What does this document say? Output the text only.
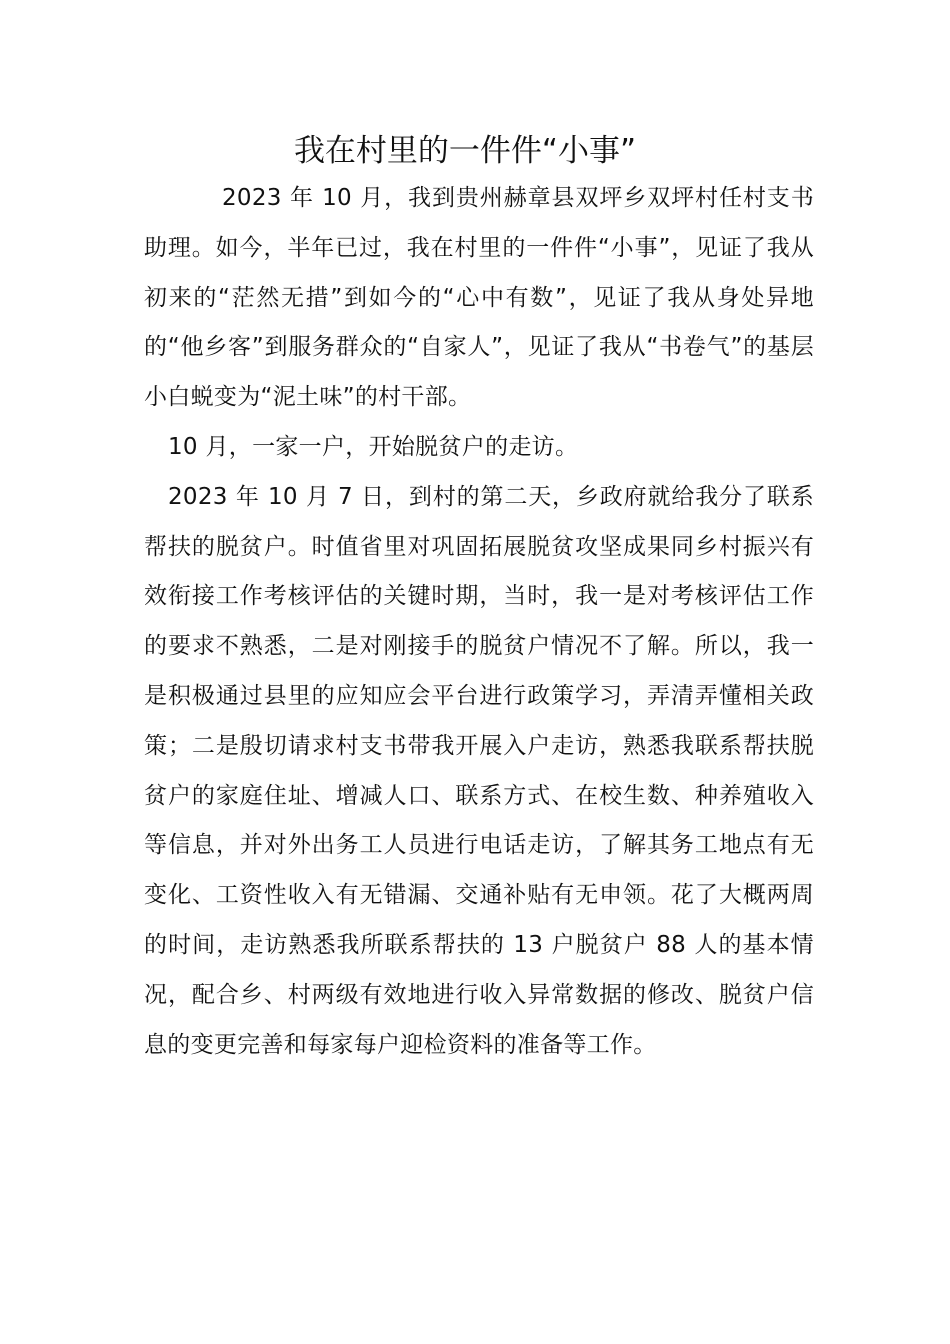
我在村里的一件件“小事”

2023 年 10 月，我到贵州赫章县双坪乡双坪村任村支书助理。如今，半年已过，我在村里的一件件“小事”，见证了我从初来的“茫然无措”到如今的“心中有数”，见证了我从身处异地的“他乡客”到服务群众的“自家人”，见证了我从“书卷气”的基层小白蜕变为“泥土味”的村干部。

10 月，一家一户，开始脱贫户的走访。

2023 年 10 月 7 日，到村的第二天，乡政府就给我分了联系帮扶的脱贫户。时值省里对巩固拓展脱贫攻坚成果同乡村振兴有效衔接工作考核评估的关键时期，当时，我一是对考核评估工作的要求不熟悉，二是对刚接手的脱贫户情况不了解。所以，我一是积极通过县里的应知应会平台进行政策学习，弄清弄懂相关政策；二是殷切请求村支书带我开展入户走访，熟悉我联系帮扶脱贫户的家庭住址、增减人口、联系方式、在校生数、种养殖收入等信息，并对外出务工人员进行电话走访，了解其务工地点有无变化、工资性收入有无错漏、交通补贴有无申领。花了大概两周的时间，走访熟悉我所联系帮扶的 13 户脱贫户 88 人的基本情况，配合乡、村两级有效地进行收入异常数据的修改、脱贫户信息的变更完善和每家每户迎检资料的准备等工作。
